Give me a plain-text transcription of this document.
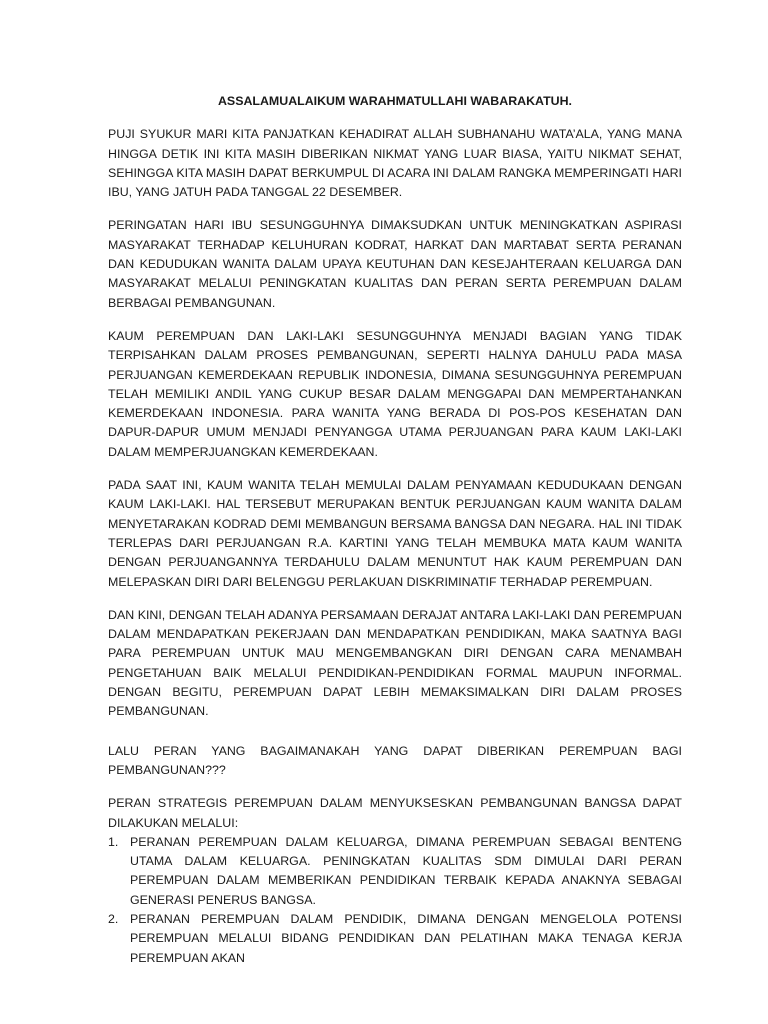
ASSALAMUALAIKUM WARAHMATULLAHI WABARAKATUH.

PUJI SYUKUR MARI KITA PANJATKAN KEHADIRAT ALLAH SUBHANAHU WATA’ALA, YANG MANA HINGGA DETIK INI KITA MASIH DIBERIKAN NIKMAT YANG LUAR BIASA, YAITU NIKMAT SEHAT, SEHINGGA KITA MASIH DAPAT BERKUMPUL DI ACARA INI DALAM RANGKA MEMPERINGATI HARI IBU, YANG JATUH PADA TANGGAL 22 DESEMBER.

PERINGATAN HARI IBU SESUNGGUHNYA DIMAKSUDKAN UNTUK MENINGKATKAN ASPIRASI MASYARAKAT TERHADAP KELUHURAN KODRAT, HARKAT DAN MARTABAT SERTA PERANAN DAN KEDUDUKAN WANITA DALAM UPAYA KEUTUHAN DAN KESEJAHTERAAN KELUARGA DAN MASYARAKAT MELALUI PENINGKATAN KUALITAS DAN PERAN SERTA PEREMPUAN DALAM BERBAGAI PEMBANGUNAN.

KAUM PEREMPUAN DAN LAKI-LAKI SESUNGGUHNYA MENJADI BAGIAN YANG TIDAK TERPISAHKAN DALAM PROSES PEMBANGUNAN, SEPERTI HALNYA DAHULU PADA MASA PERJUANGAN KEMERDEKAAN REPUBLIK INDONESIA, DIMANA SESUNGGUHNYA PEREMPUAN TELAH MEMILIKI ANDIL YANG CUKUP BESAR DALAM MENGGAPAI DAN MEMPERTAHANKAN KEMERDEKAAN INDONESIA. PARA WANITA YANG BERADA DI POS-POS KESEHATAN DAN DAPUR-DAPUR UMUM MENJADI PENYANGGA UTAMA PERJUANGAN PARA KAUM LAKI-LAKI DALAM MEMPERJUANGKAN KEMERDEKAAN.

PADA SAAT INI, KAUM WANITA TELAH MEMULAI DALAM PENYAMAAN KEDUDUKAAN DENGAN KAUM LAKI-LAKI. HAL TERSEBUT MERUPAKAN BENTUK PERJUANGAN KAUM WANITA DALAM MENYETARAKAN KODRAD DEMI MEMBANGUN BERSAMA BANGSA DAN NEGARA. HAL INI TIDAK TERLEPAS DARI PERJUANGAN R.A. KARTINI YANG TELAH MEMBUKA MATA KAUM WANITA DENGAN PERJUANGANNYA TERDAHULU DALAM MENUNTUT HAK KAUM PEREMPUAN DAN MELEPASKAN DIRI DARI BELENGGU PERLAKUAN DISKRIMINATIF TERHADAP PEREMPUAN.

DAN KINI, DENGAN TELAH ADANYA PERSAMAAN DERAJAT ANTARA LAKI-LAKI DAN PEREMPUAN DALAM MENDAPATKAN PEKERJAAN DAN MENDAPATKAN PENDIDIKAN, MAKA SAATNYA BAGI PARA PEREMPUAN UNTUK MAU MENGEMBANGKAN DIRI DENGAN CARA MENAMBAH PENGETAHUAN BAIK MELALUI PENDIDIKAN-PENDIDIKAN FORMAL MAUPUN INFORMAL. DENGAN BEGITU, PEREMPUAN DAPAT LEBIH MEMAKSIMALKAN DIRI DALAM PROSES PEMBANGUNAN.

LALU PERAN YANG BAGAIMANAKAH YANG DAPAT DIBERIKAN PEREMPUAN BAGI PEMBANGUNAN???

PERAN STRATEGIS PEREMPUAN DALAM MENYUKSESKAN PEMBANGUNAN BANGSA DAPAT DILAKUKAN MELALUI:

1. PERANAN PEREMPUAN DALAM KELUARGA, DIMANA PEREMPUAN SEBAGAI BENTENG UTAMA DALAM KELUARGA. PENINGKATAN KUALITAS SDM DIMULAI DARI PERAN PEREMPUAN DALAM MEMBERIKAN PENDIDIKAN TERBAIK KEPADA ANAKNYA SEBAGAI GENERASI PENERUS BANGSA.
2. PERANAN PEREMPUAN DALAM PENDIDIK, DIMANA DENGAN MENGELOLA POTENSI PEREMPUAN MELALUI BIDANG PENDIDIKAN DAN PELATIHAN MAKA TENAGA KERJA PEREMPUAN AKAN
